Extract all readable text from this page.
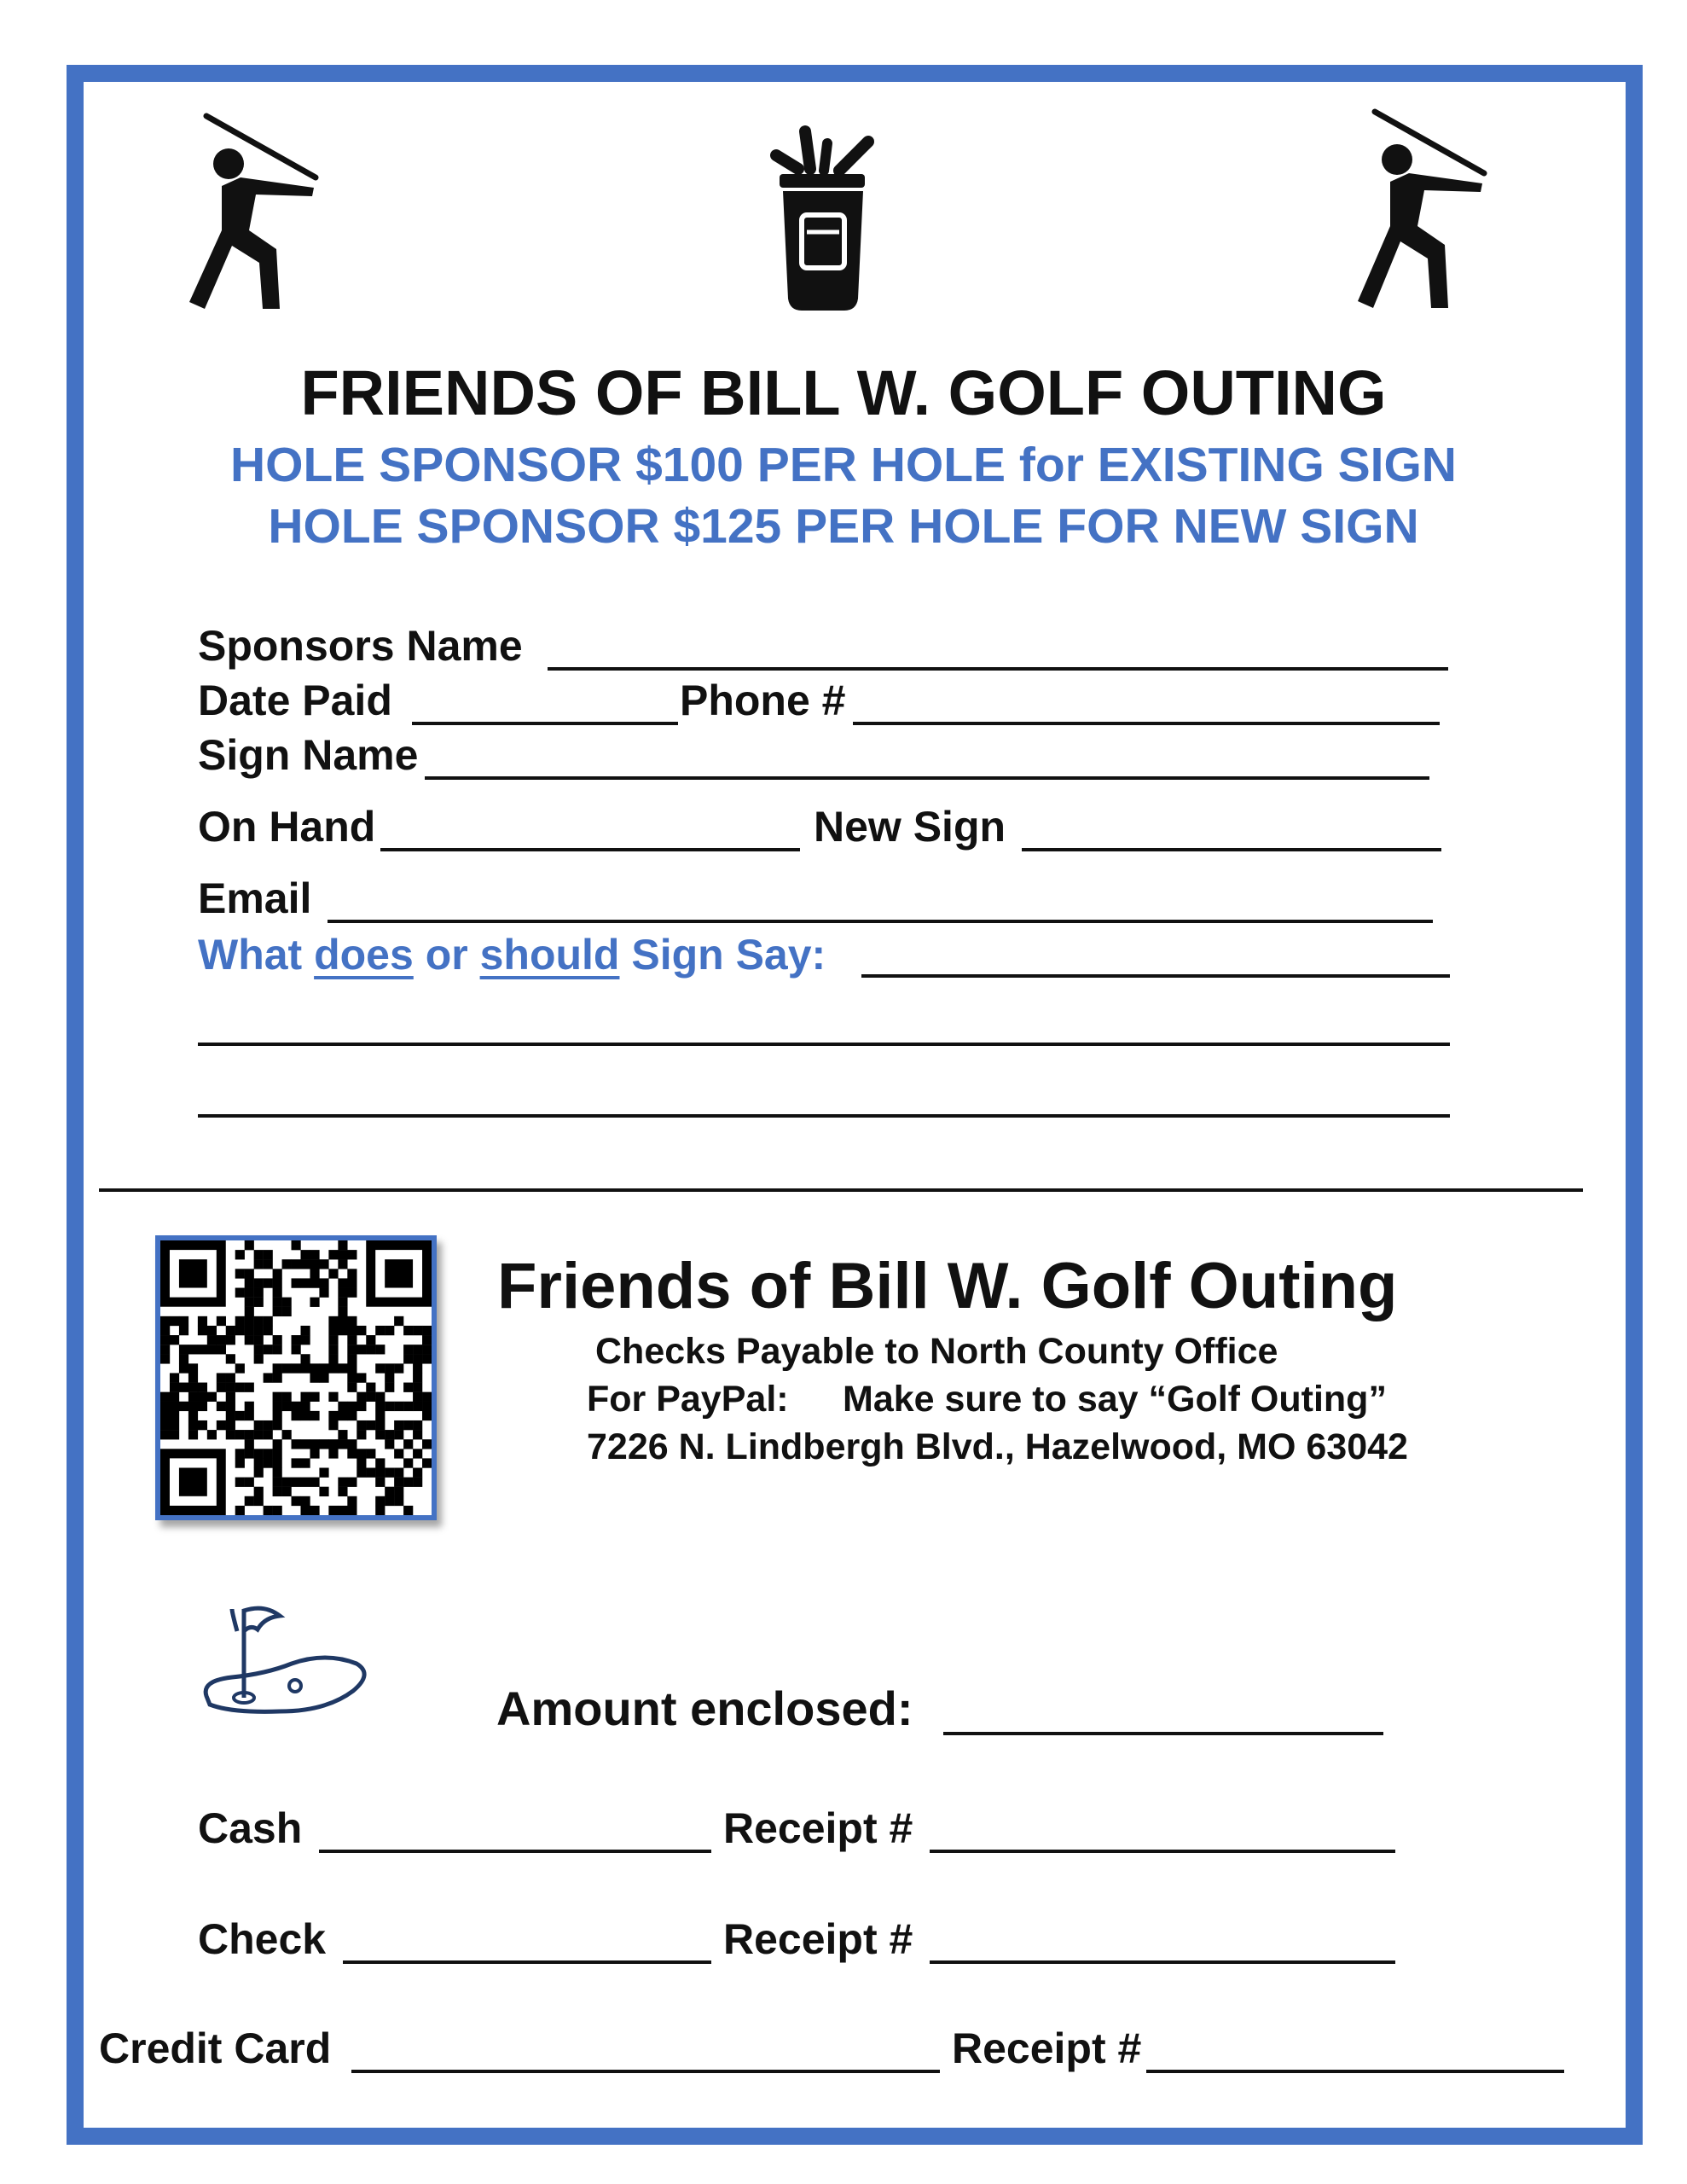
FRIENDS OF BILL W. GOLF OUTING
HOLE SPONSOR $100 PER HOLE for EXISTING SIGN
HOLE SPONSOR $125 PER HOLE FOR NEW SIGN
Sponsors Name
Date Paid	Phone #
Sign Name
On Hand	New Sign
Email
What does or should Sign Say:
Friends of Bill W. Golf Outing
Checks Payable to North County Office
For PayPal: Make sure to say “Golf Outing”
7226 N. Lindbergh Blvd., Hazelwood, MO 63042
Amount enclosed:
Cash	Receipt #
Check	Receipt #
Credit Card	Receipt #
